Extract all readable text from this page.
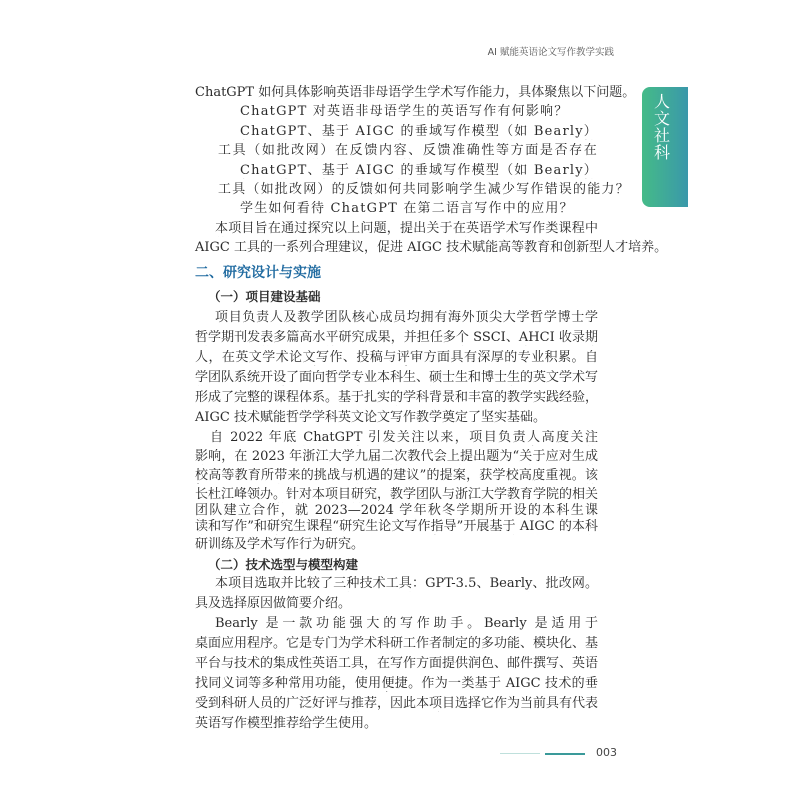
AI 赋能英语论文写作教学实践
人文社科
二、研究设计与实施
（一）项目建设基础
（二）技术选型与模型构建
ChatGPT 如何具体影响英语非母语学生学术写作能力，具体聚焦以下问题。
ChatGPT 对英语非母语学生的英语写作有何影响？
ChatGPT、基于 AIGC 的垂域写作模型（如 Bearly）
工具（如批改网）在反馈内容、反馈准确性等方面是否存在
ChatGPT、基于 AIGC 的垂域写作模型（如 Bearly）
工具（如批改网）的反馈如何共同影响学生减少写作错误的能力？
学生如何看待 ChatGPT 在第二语言写作中的应用？
本项目旨在通过探究以上问题，提出关于在英语学术写作类课程中
AIGC 工具的一系列合理建议，促进 AIGC 技术赋能高等教育和创新型人才培养。
项目负责人及教学团队核心成员均拥有海外顶尖大学哲学博士学
哲学期刊发表多篇高水平研究成果，并担任多个 SSCI、AHCI 收录期
人，在英文学术论文写作、投稿与评审方面具有深厚的专业积累。自
学团队系统开设了面向哲学专业本科生、硕士生和博士生的英文学术写
形成了完整的课程体系。基于扎实的学科背景和丰富的教学实践经验，
AIGC 技术赋能哲学学科英文论文写作教学奠定了坚实基础。
自 2022 年底 ChatGPT 引发关注以来，项目负责人高度关注
影响，在 2023 年浙江大学九届二次教代会上提出题为“关于应对生成
校高等教育所带来的挑战与机遇的建议”的提案，获学校高度重视。该
长杜江峰领办。针对本项目研究，教学团队与浙江大学教育学院的相关
团队建立合作，就 2023—2024 学年秋冬学期所开设的本科生课
读和写作”和研究生课程“研究生论文写作指导”开展基于 AIGC 的本科
研训练及学术写作行为研究。
本项目选取并比较了三种技术工具：GPT-3.5、Bearly、批改网。
具及选择原因做简要介绍。
Bearly 是一款功能强大的写作助手。Bearly 是适用于
桌面应用程序。它是专门为学术科研工作者制定的多功能、模块化、基
平台与技术的集成性英语工具，在写作方面提供润色、邮件撰写、英语
找同义词等多种常用功能，使用便捷。作为一类基于 AIGC 技术的垂
受到科研人员的广泛好评与推荐，因此本项目选择它作为当前具有代表
英语写作模型推荐给学生使用。
003
